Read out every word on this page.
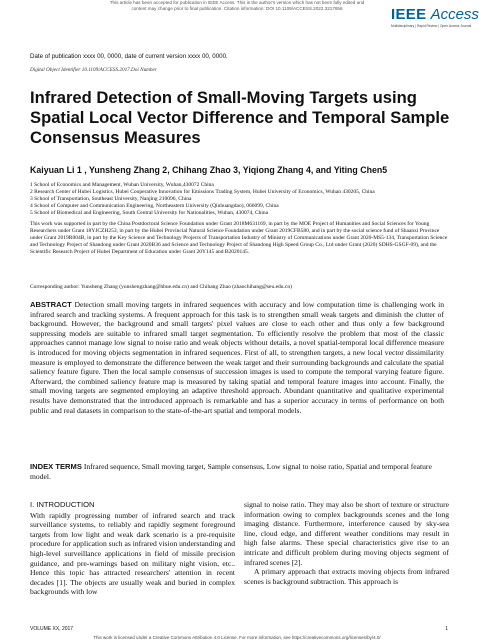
This article has been accepted for publication in IEEE Access. This is the author's version which has not been fully edited and
content may change prior to final publication. Citation information: DOI 10.1109/ACCESS.2022.3217656	IEEE Access
Multidisciplinary | Rapid Review | Open Access Journal
Date of publication xxxx 00, 0000, date of current version xxxx 00, 0000.
Digital Object Identifier 10.1109/ACCESS.2017.Doi Number
Infrared Detection of Small-Moving Targets using Spatial Local Vector Difference and Temporal Sample Consensus Measures
Kaiyuan Li 1 , Yunsheng Zhang 2, Chihang Zhao 3, Yiqiong Zhang 4, and Yiting Chen5
1 School of Economics and Management, Wuhan University, Wuhan,430072 China
2 Research Center of Hubei Logistics, Hubei Cooperative Innovation for Emissions Trading System, Hubei University of Economics, Wuhan 430205, China
3 School of Transportation, Southeast University, Nanjing 210096, China
4 School of Computer and Communication Engineering, Northeastern University (Qinhuangdao), 066099, China
5 School of Biomedical and Engineering, South Central University for Nationalities, Wuhan, 430074, China
This work was supported in part by the China Postdoctoral Science Foundation under Grant 2018M631169, in part by the MOE Project of Humanities and Social Sciences for Young Researchers under Grant 18YJCZH253, in part by the Hubei Provincial Natural Science Foundation under Grant 2019CFB580, and in part by the social science fund of Shaanxi Province under Grant 2019R004B, in part by the Key Science and Technology Projects of Transportation Industry of Ministry of Communications under Grant 2020-MS5-134, Transportation Science and Technology Project of Shandong under Grant 2020B36 and Science and Technology Project of Shandong High Speed Group Co., Ltd under Grant (2020) SDHS-GSGF-09), and the Scientific Research Project of Hubei Department of Education under Grant 20Y145 and B2020145.
Corresponding author: Yunsheng Zhang (yunshengzhang@hbue.edu.cn) and Chihang Zhao (zhaochihang@seu.edu.cn)
ABSTRACT Detection small moving targets in infrared sequences with accuracy and low computation time is challenging work in infrared search and tracking systems. A frequent approach for this task is to strengthen small weak targets and diminish the clutter of background. However, the background and small targets' pixel values are close to each other and thus only a few background suppressing models are suitable to infrared small target segmentation. To efficiently resolve the problem that most of the classic approaches cannot manage low signal to noise ratio and weak objects without details, a novel spatial-temporal local difference measure is introduced for moving objects segmentation in infrared sequences. First of all, to strengthen targets, a new local vector dissimilarity measure is employed to demonstrate the difference between the weak target and their surrounding backgrounds and calculate the spatial saliency feature figure. Then the local sample consensus of succession images is used to compute the temporal varying feature figure. Afterward, the combined saliency feature map is measured by taking spatial and temporal feature images into account. Finally, the small moving targets are segmented employing an adaptive threshold approach. Abundant quantitative and qualitative experimental results have demonstrated that the introduced approach is remarkable and has a superior accuracy in terms of performance on both public and real datasets in comparison to the state-of-the-art spatial and temporal models.
INDEX TERMS Infrared sequence, Small moving target, Sample consensus, Low signal to noise ratio, Spatial and temporal feature model.
I. INTRODUCTION

With rapidly progressing number of infrared search and track surveillance systems, to reliably and rapidly segment foreground targets from low light and weak dark scenario is a pre-requisite procedure for application such as infrared vision understanding and high-level surveillance applications in field of missile precision guidance, and pre-warnings based on military night vision, etc.. Hence this topic has attracted researchers' attention in recent decades [1]. The objects are usually weak and buried in complex backgrounds with low

signal to noise ratio. They may also be short of texture or structure information owing to complex backgrounds scenes and the long imaging distance. Furthermore, interference caused by sky-sea line, cloud edge, and different weather conditions may result in high false alarms. These special characteristics give rise to an intricate and difficult problem during moving objects segment of infrared scenes [2].

A primary approach that extracts moving objects from infrared scenes is background subtraction. This approach is

VOLUME XX, 2017	1
This work is licensed under a Creative Commons Attribution 4.0 License. For more information, see https://creativecommons.org/licenses/by/4.0/
